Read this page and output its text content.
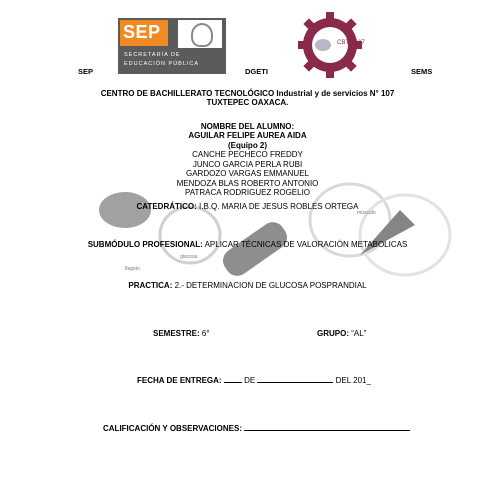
SEP
SECRETARÍA DE
EDUCACIÓN PÚBLICA
CBTis 107
SEP	DGETI	SEMS
CENTRO DE BACHILLERATO TECNOLÓGICO Industrial y de servicios N° 107
TUXTEPEC OAXACA.
flagelo
músculo
glucosa
NOMBRE DEL ALUMNO:
AGUILAR FELIPE AUREA AIDA
(Equipo 2)
CANCHE PECHECO FREDDY
JUNCO GARCIA PERLA RUBI
GARDOZO VARGAS EMMANUEL
MENDOZA BLAS ROBERTO ANTONIO
PATRACA RODRIGUEZ ROGELIO
CATEDRÁTICO: I.B.Q. MARIA DE JESUS ROBLES ORTEGA
SUBMÓDULO PROFESIONAL: APLICAR TÉCNICAS DE VALORACIÓN METABOLICAS
PRACTICA: 2.- DETERMINACION DE GLUCOSA POSPRANDIAL
SEMESTRE: 6°	GRUPO: “AL”
FECHA DE ENTREGA:	DE	DEL 201_
CALIFICACIÓN Y OBSERVACIONES:
